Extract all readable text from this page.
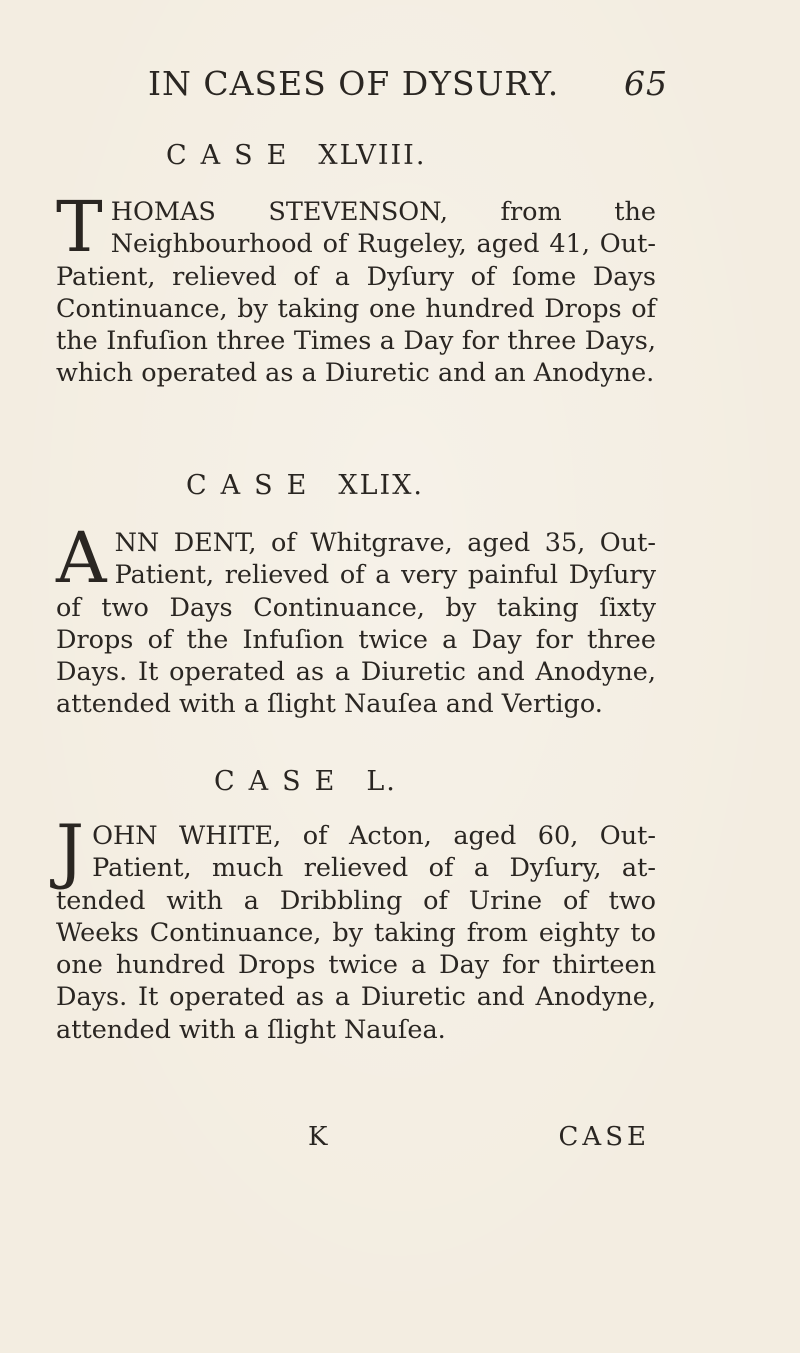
IN CASES OF DYSURY. 65
CASE XLVIII.

THOMAS STEVENSON, from the Neighbourhood of Rugeley, aged 41, Out-Patient, relieved of a Dyſury of ſome Days Continuance, by taking one hundred Drops of the Infuſion three Times a Day for three Days, which operated as a Diuretic and an Anodyne.

CASE XLIX.

ANN DENT, of Whitgrave, aged 35, Out-Patient, relieved of a very painful Dyſury of two Days Continuance, by taking ſixty Drops of the Infuſion twice a Day for three Days. It operated as a Diuretic and Anodyne, attended with a ſlight Nauſea and Vertigo.

CASE L.

JOHN WHITE, of Acton, aged 60, Out-Patient, much relieved of a Dyſury, at-tended with a Dribbling of Urine of two Weeks Continuance, by taking from eighty to one hundred Drops twice a Day for thirteen Days. It operated as a Diuretic and Anodyne, attended with a ſlight Nauſea.

K	CASE
